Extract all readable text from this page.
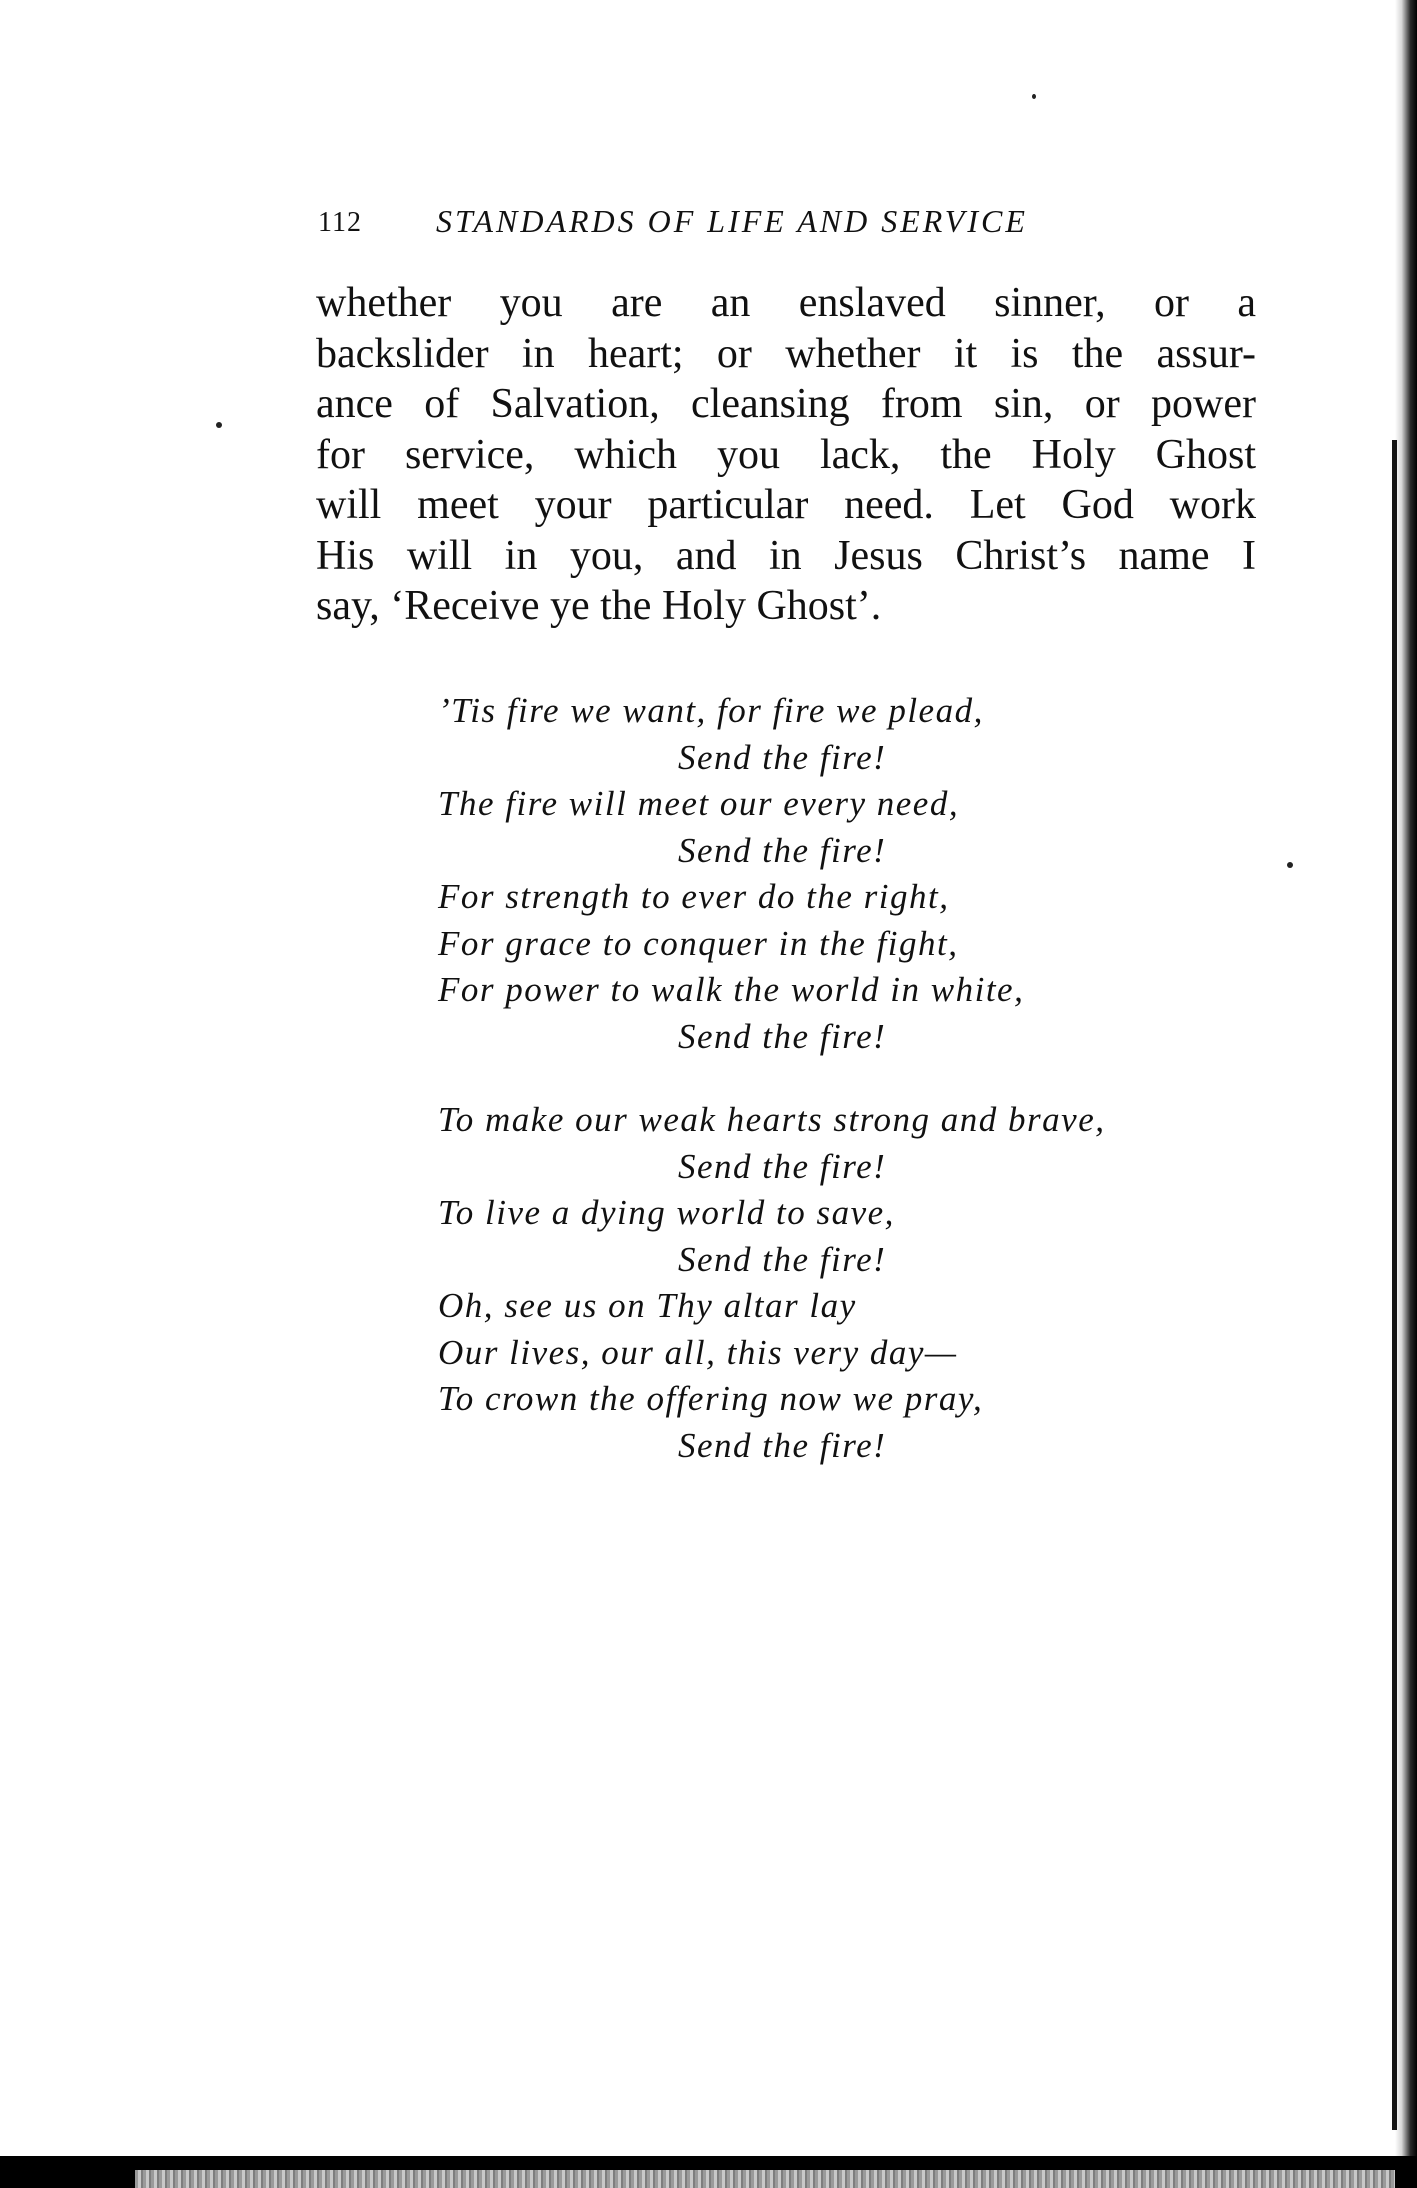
112 STANDARDS OF LIFE AND SERVICE
whether you are an enslaved sinner, or a
backslider in heart; or whether it is the assur-
ance of Salvation, cleansing from sin, or power
for service, which you lack, the Holy Ghost
will meet your particular need. Let God work
His will in you, and in Jesus Christ’s name I
say, ‘Receive ye the Holy Ghost’.
’Tis fire we want, for fire we plead,
Send the fire!
The fire will meet our every need,
Send the fire!
For strength to ever do the right,
For grace to conquer in the fight,
For power to walk the world in white,
Send the fire!
To make our weak hearts strong and brave,
Send the fire!
To live a dying world to save,
Send the fire!
Oh, see us on Thy altar lay
Our lives, our all, this very day—
To crown the offering now we pray,
Send the fire!
